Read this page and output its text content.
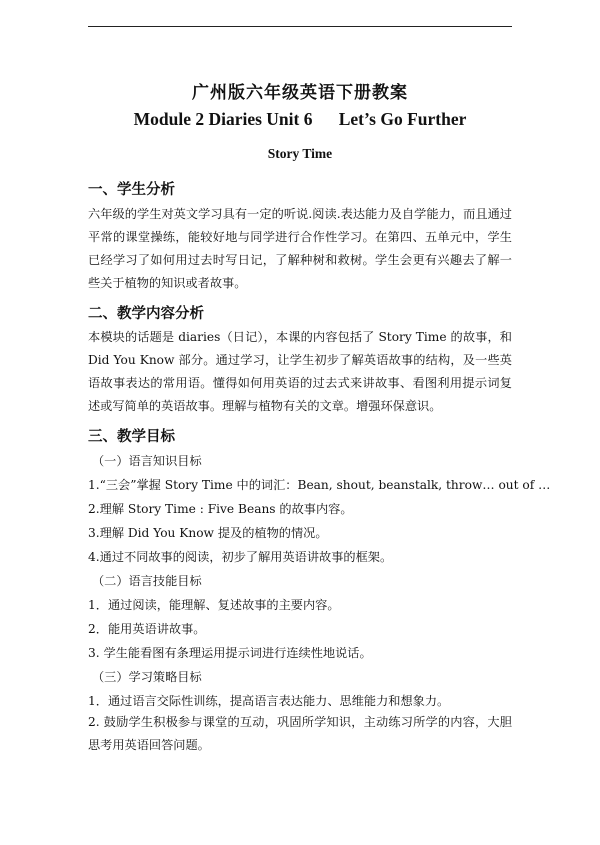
广州版六年级英语下册教案
Module 2 Diaries Unit 6      Let’s Go Further
Story Time
一、学生分析
六年级的学生对英文学习具有一定的听说.阅读.表达能力及自学能力，而且通过平常的课堂操练，能较好地与同学进行合作性学习。在第四、五单元中，学生已经学习了如何用过去时写日记，了解种树和救树。学生会更有兴趣去了解一些关于植物的知识或者故事。
二、教学内容分析
本模块的话题是 diaries（日记），本课的内容包括了 Story Time 的故事，和 Did You Know 部分。通过学习，让学生初步了解英语故事的结构，及一些英语故事表达的常用语。懂得如何用英语的过去式来讲故事、看图利用提示词复述或写简单的英语故事。理解与植物有关的文章。增强环保意识。
三、教学目标
（一）语言知识目标
1.“三会”掌握 Story Time 中的词汇：Bean, shout, beanstalk, throw… out of …
2.理解 Story Time : Five Beans 的故事内容。
3.理解 Did You Know 提及的植物的情况。
4.通过不同故事的阅读，初步了解用英语讲故事的框架。
（二）语言技能目标
1．通过阅读，能理解、复述故事的主要内容。
2．能用英语讲故事。
3. 学生能看图有条理运用提示词进行连续性地说话。
（三）学习策略目标
1．通过语言交际性训练，提高语言表达能力、思维能力和想象力。
2. 鼓励学生积极参与课堂的互动，巩固所学知识，主动练习所学的内容，大胆思考用英语回答问题。
